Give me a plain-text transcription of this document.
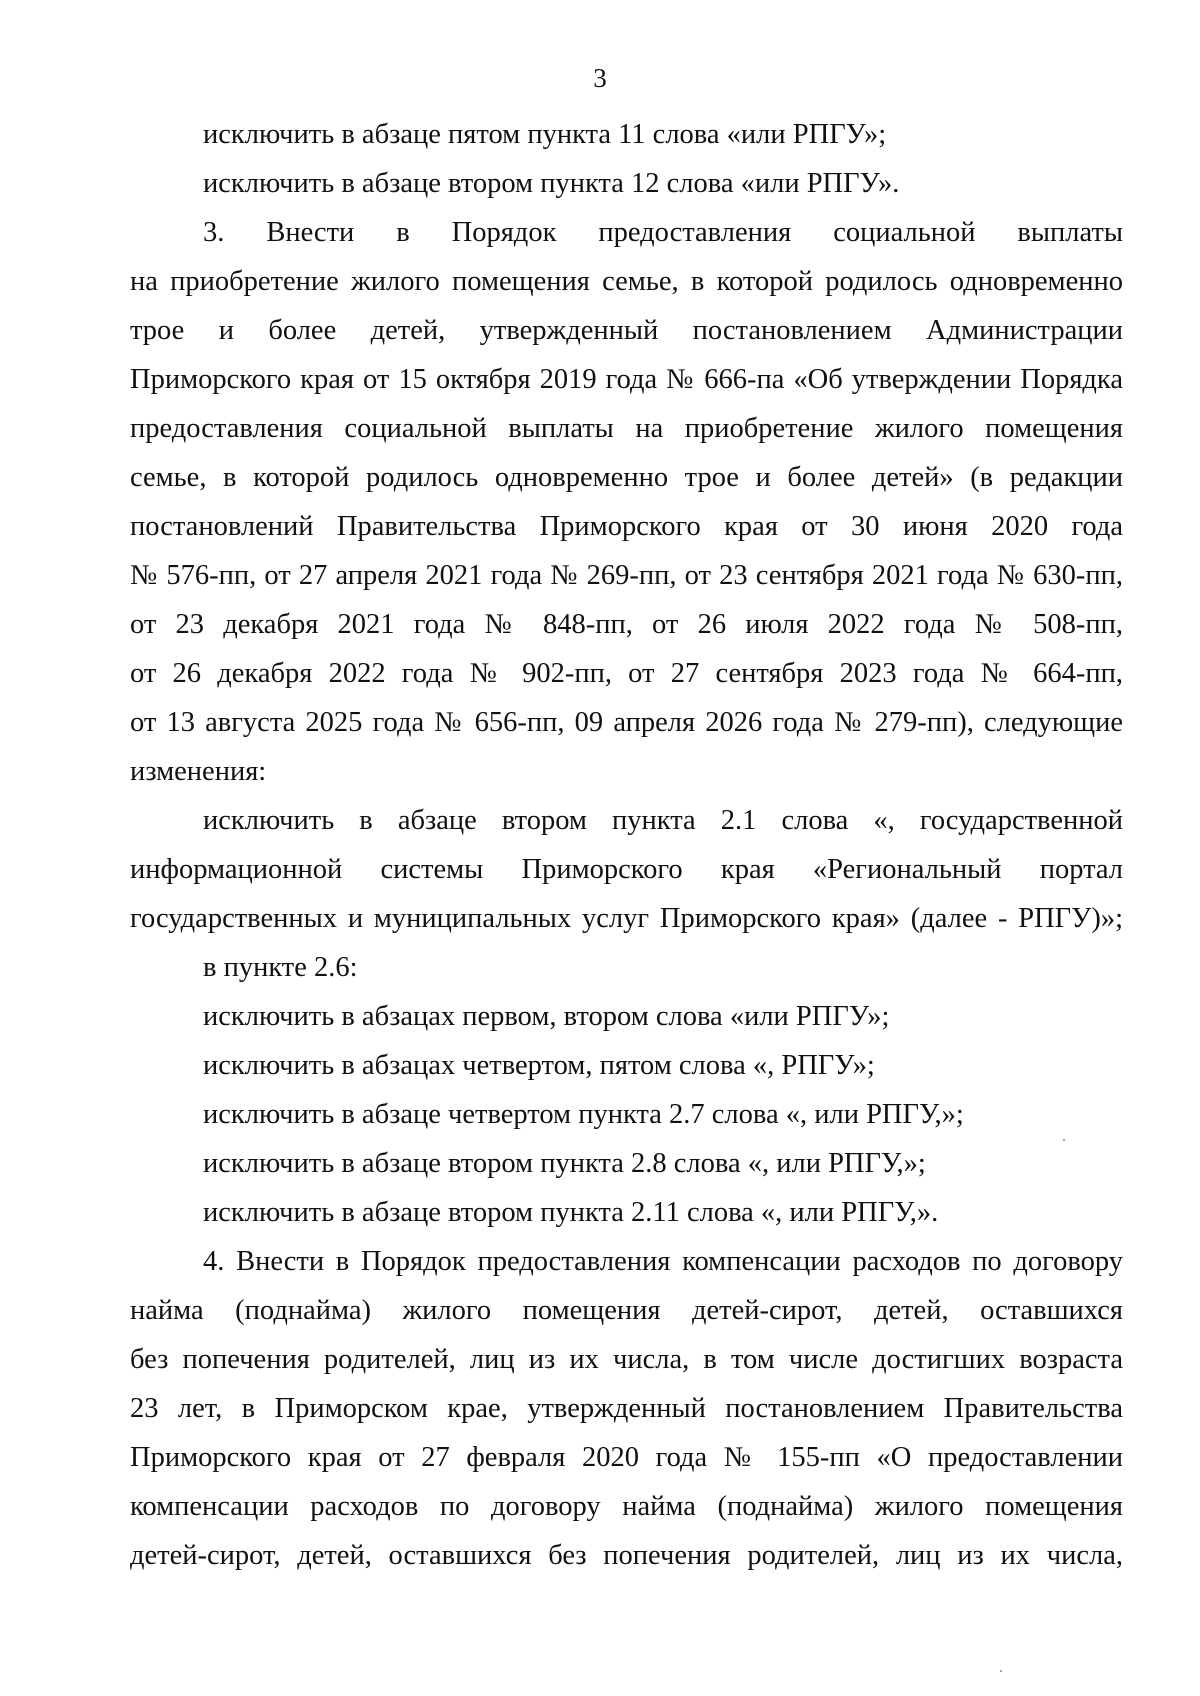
3
исключить в абзаце пятом пункта 11 слова «или РПГУ»;
исключить в абзаце втором пункта 12 слова «или РПГУ».
3. Внести в Порядок предоставления социальной выплаты
на приобретение жилого помещения семье, в которой родилось одновременно
трое и более детей, утвержденный постановлением Администрации
Приморского края от 15 октября 2019 года № 666-па «Об утверждении Порядка
предоставления социальной выплаты на приобретение жилого помещения
семье, в которой родилось одновременно трое и более детей» (в редакции
постановлений Правительства Приморского края от 30 июня 2020 года
№ 576-пп, от 27 апреля 2021 года № 269-пп, от 23 сентября 2021 года № 630-пп,
от 23 декабря 2021 года № 848-пп, от 26 июля 2022 года № 508-пп,
от 26 декабря 2022 года № 902-пп, от 27 сентября 2023 года № 664-пп,
от 13 августа 2025 года № 656-пп, 09 апреля 2026 года № 279-пп), следующие
изменения:
исключить в абзаце втором пункта 2.1 слова «, государственной
информационной системы Приморского края «Региональный портал
государственных и муниципальных услуг Приморского края» (далее - РПГУ)»;
в пункте 2.6:
исключить в абзацах первом, втором слова «или РПГУ»;
исключить в абзацах четвертом, пятом слова «, РПГУ»;
исключить в абзаце четвертом пункта 2.7 слова «, или РПГУ,»;
исключить в абзаце втором пункта 2.8 слова «, или РПГУ,»;
исключить в абзаце втором пункта 2.11 слова «, или РПГУ,».
4. Внести в Порядок предоставления компенсации расходов по договору
найма (поднайма) жилого помещения детей-сирот, детей, оставшихся
без попечения родителей, лиц из их числа, в том числе достигших возраста
23 лет, в Приморском крае, утвержденный постановлением Правительства
Приморского края от 27 февраля 2020 года № 155-пп «О предоставлении
компенсации расходов по договору найма (поднайма) жилого помещения
детей-сирот, детей, оставшихся без попечения родителей, лиц из их числа,
